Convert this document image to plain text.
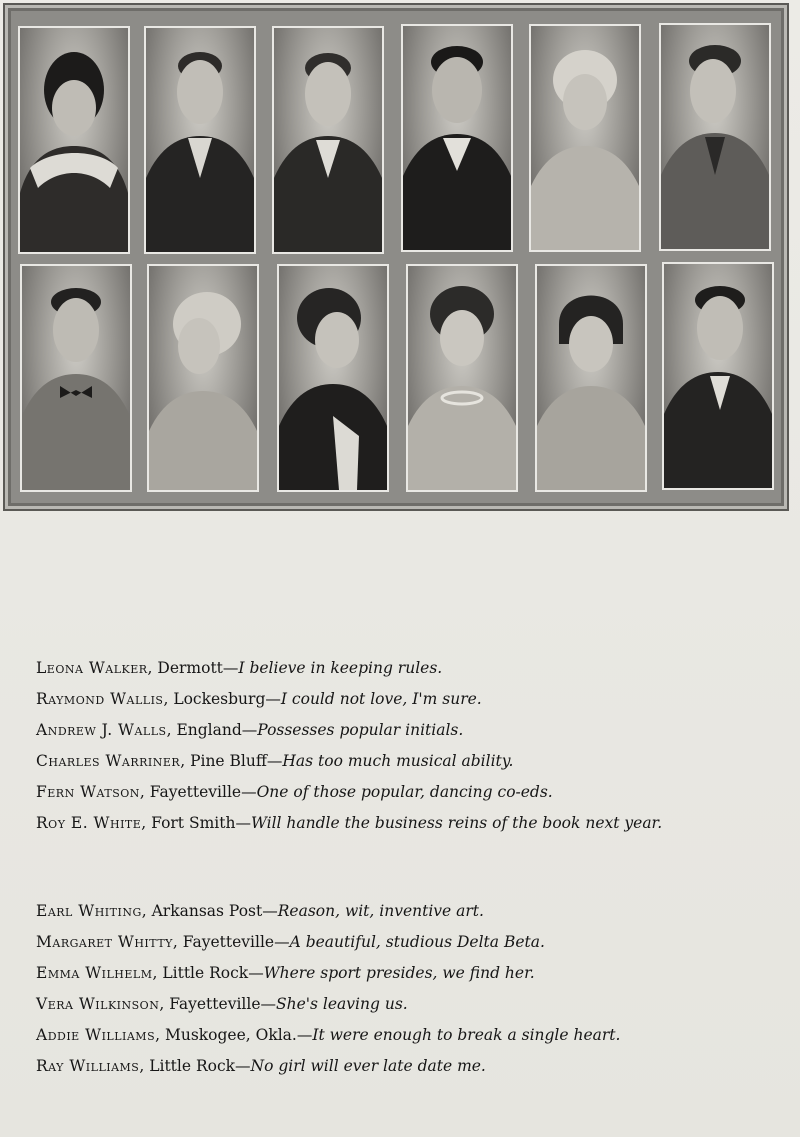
Leona Walker, Dermott—I believe in keeping rules.
Raymond Wallis, Lockesburg—I could not love, I'm sure.
Andrew J. Walls, England—Possesses popular initials.
Charles Warriner, Pine Bluff—Has too much musical ability.
Fern Watson, Fayetteville—One of those popular, dancing co-eds.
Roy E. White, Fort Smith—Will handle the business reins of the book next year.
Earl Whiting, Arkansas Post—Reason, wit, inventive art.
Margaret Whitty, Fayetteville—A beautiful, studious Delta Beta.
Emma Wilhelm, Little Rock—Where sport presides, we find her.
Vera Wilkinson, Fayetteville—She's leaving us.
Addie Williams, Muskogee, Okla.—It were enough to break a single heart.
Ray Williams, Little Rock—No girl will ever late date me.
